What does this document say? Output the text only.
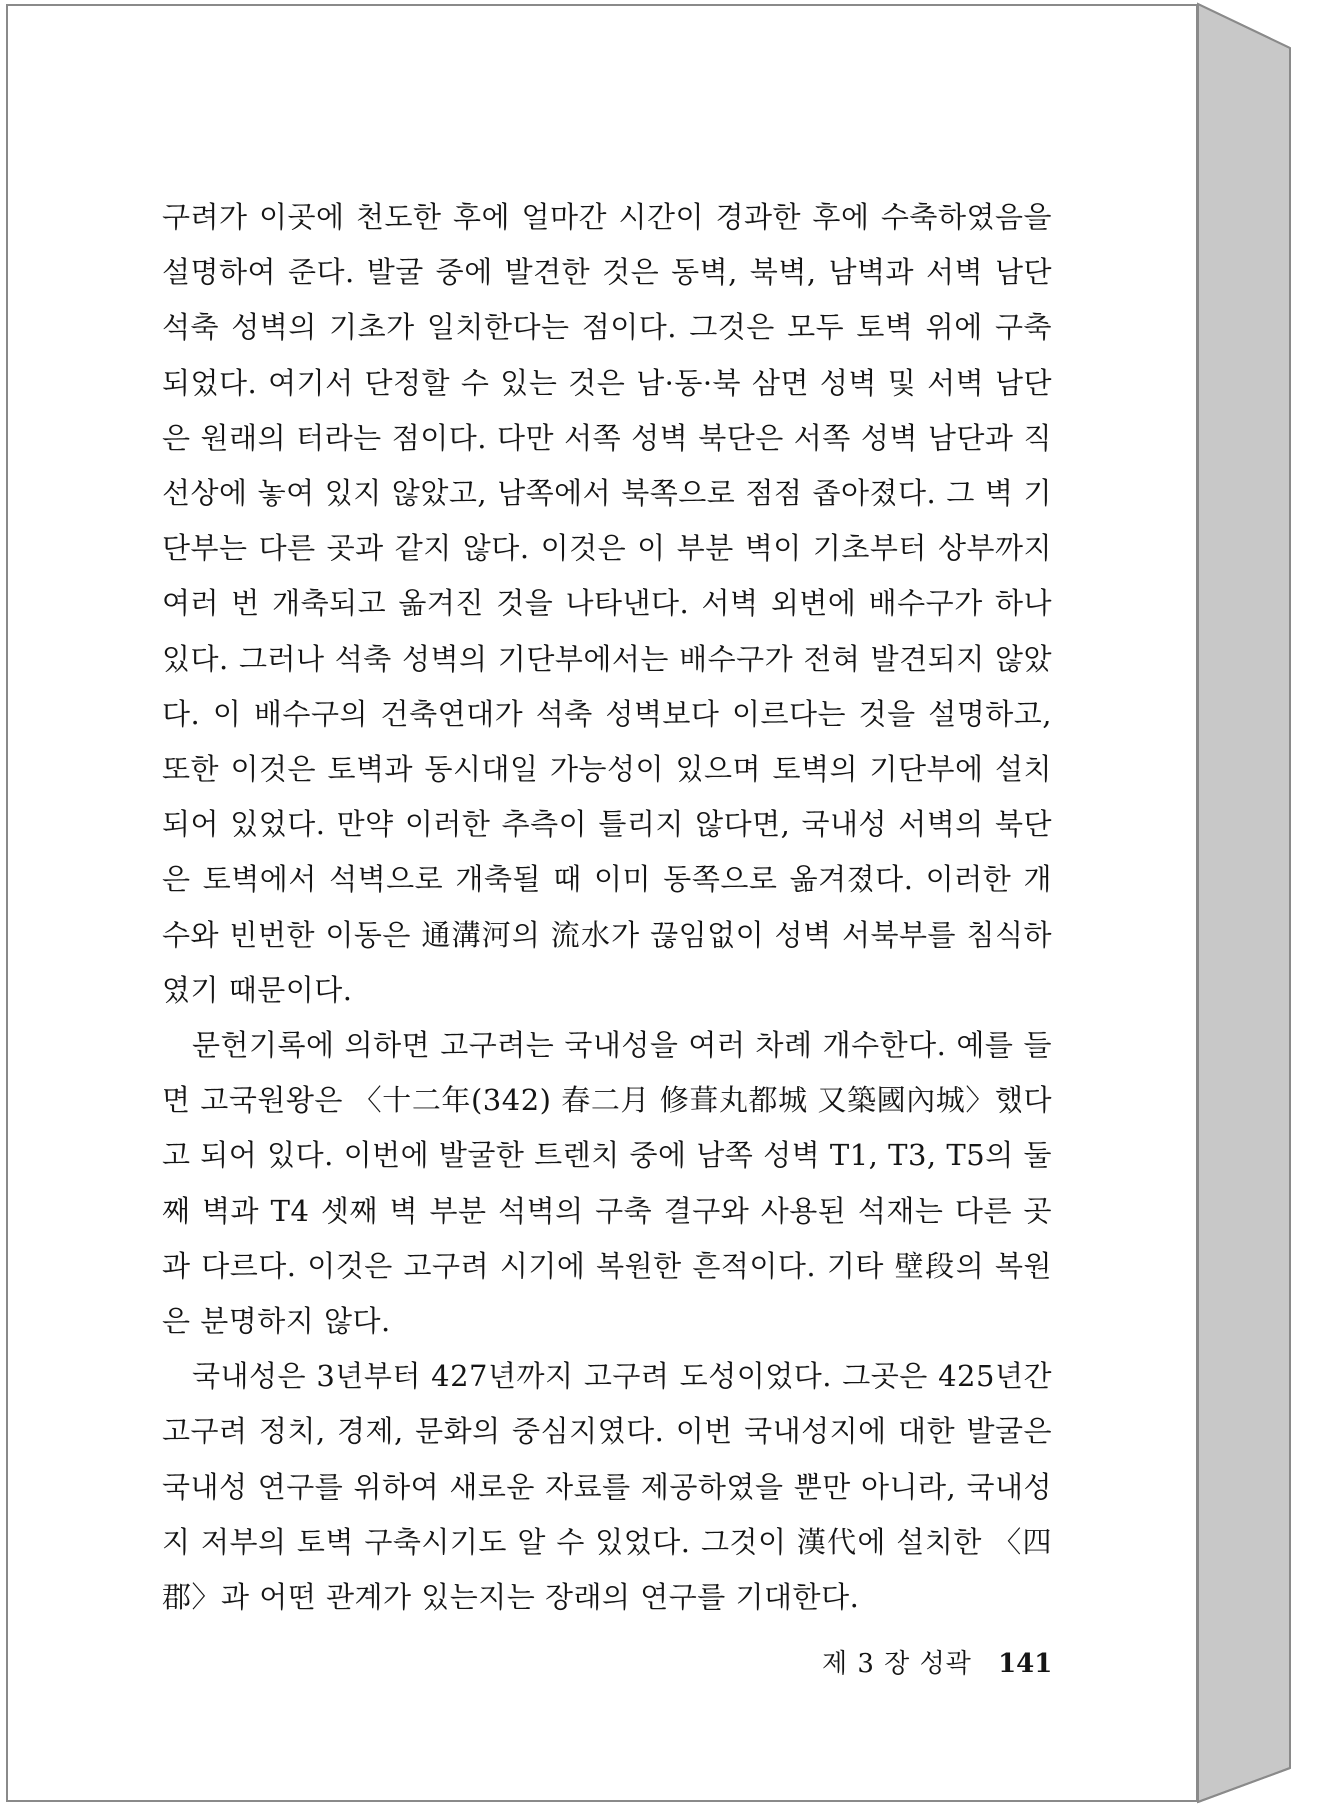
구려가 이곳에 천도한 후에 얼마간 시간이 경과한 후에 수축하였음을 설명하여 준다. 발굴 중에 발견한 것은 동벽, 북벽, 남벽과 서벽 남단 석축 성벽의 기초가 일치한다는 점이다. 그것은 모두 토벽 위에 구축되었다. 여기서 단정할 수 있는 것은 남·동·북 삼면 성벽 및 서벽 남단은 원래의 터라는 점이다. 다만 서쪽 성벽 북단은 서쪽 성벽 남단과 직선상에 놓여 있지 않았고, 남쪽에서 북쪽으로 점점 좁아졌다. 그 벽 기단부는 다른 곳과 같지 않다. 이것은 이 부분 벽이 기초부터 상부까지 여러 번 개축되고 옮겨진 것을 나타낸다. 서벽 외변에 배수구가 하나 있다. 그러나 석축 성벽의 기단부에서는 배수구가 전혀 발견되지 않았다. 이 배수구의 건축연대가 석축 성벽보다 이르다는 것을 설명하고, 또한 이것은 토벽과 동시대일 가능성이 있으며 토벽의 기단부에 설치되어 있었다. 만약 이러한 추측이 틀리지 않다면, 국내성 서벽의 북단은 토벽에서 석벽으로 개축될 때 이미 동쪽으로 옮겨졌다. 이러한 개수와 빈번한 이동은 通溝河의 流水가 끊임없이 성벽 서북부를 침식하였기 때문이다.

문헌기록에 의하면 고구려는 국내성을 여러 차례 개수한다. 예를 들면 고국원왕은 〈十二年(342) 春二月 修葺丸都城 又築國內城〉했다고 되어 있다. 이번에 발굴한 트렌치 중에 남쪽 성벽 T1, T3, T5의 둘째 벽과 T4 셋째 벽 부분 석벽의 구축 결구와 사용된 석재는 다른 곳과 다르다. 이것은 고구려 시기에 복원한 흔적이다. 기타 壁段의 복원은 분명하지 않다.

국내성은 3년부터 427년까지 고구려 도성이었다. 그곳은 425년간 고구려 정치, 경제, 문화의 중심지였다. 이번 국내성지에 대한 발굴은 국내성 연구를 위하여 새로운 자료를 제공하였을 뿐만 아니라, 국내성지 저부의 토벽 구축시기도 알 수 있었다. 그것이 漢代에 설치한 〈四郡〉과 어떤 관계가 있는지는 장래의 연구를 기대한다.

제 3 장 성곽 141
